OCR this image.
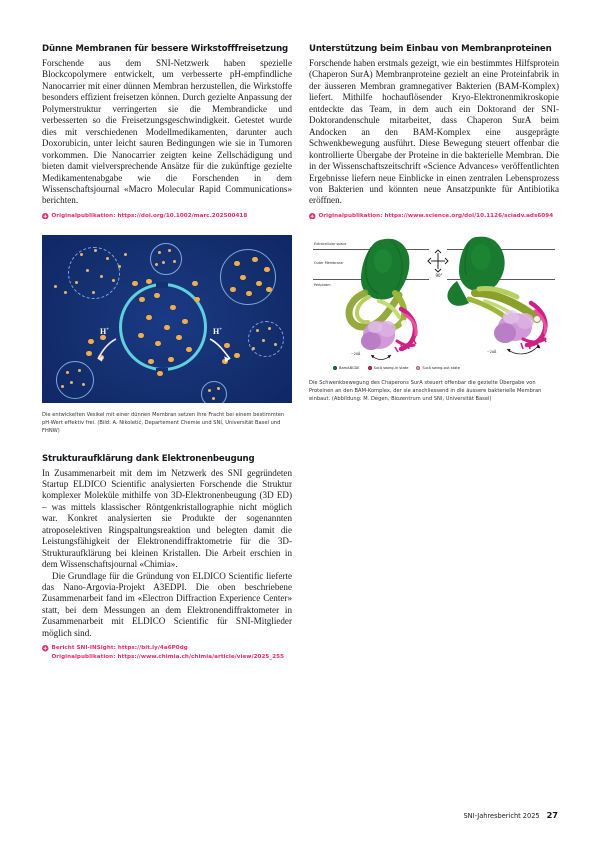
Dünne Membranen für bessere Wirkstofffreisetzung

Forschende aus dem SNI-Netzwerk haben spezielle Blockcopolymere entwickelt, um verbesserte pH-empfindliche Nanocarrier mit einer dünnen Membran herzustellen, die Wirkstoffe besonders effizient freisetzen können. Durch gezielte Anpassung der Polymerstruktur verringerten sie die Membrandicke und verbesserten so die Freisetzungsgeschwindigkeit. Getestet wurde dies mit verschiedenen Modellmedikamenten, darunter auch Doxorubicin, unter leicht sauren Bedingungen wie sie in Tumoren vorkommen. Die Nanocarrier zeigten keine Zellschädigung und bieten damit vielversprechende Ansätze für die zukünftige gezielte Medikamentenabgabe wie die Forschenden in dem Wissenschaftsjournal «Macro Molecular Rapid Communications» berichten.

Originalpublikation: https://doi.org/10.1002/marc.202500418
H+	H+
Die entwickelten Vesikel mit einer dünnen Membran setzen ihre Fracht bei einem bestimmten pH-Wert effektiv frei. (Bild: A. Nikoletić, Departement Chemie und SNI, Universität Basel und FHNW)
Strukturaufklärung dank Elektronenbeugung

In Zusammenarbeit mit dem im Netzwerk des SNI gegründeten Startup ELDICO Scientific analysierten Forschende die Struktur komplexer Moleküle mithilfe von 3D-Elektronenbeugung (3D ED) – was mittels klassischer Röntgenkristallographie nicht möglich war. Konkret analysierten sie Produkte der sogenannten atroposelektiven Ringspaltungsreaktion und belegten damit die Leistungsfähigkeit der Elektronendiffraktometrie für die 3D-Strukturaufklärung bei kleinen Kristallen. Die Arbeit erschien in dem Wissenschaftsjournal «Chimia».

Die Grundlage für die Gründung von ELDICO Scientific lieferte das Nano-Argovia-Projekt A3EDPI. Die oben beschriebene Zusammenarbeit fand im «Electron Diffraction Experience Center» statt, bei dem Messungen an dem Elektronendiffraktometer in Zusammenarbeit mit ELDICO Scientific für SNI-Mitglieder möglich sind.

Bericht SNI-INSight: https://bit.ly/4a6P0dg
Originalpublikation: https://www.chimia.ch/chimia/article/view/2025_255
Unterstützung beim Einbau von Membranproteinen

Forschende haben erstmals gezeigt, wie ein bestimmtes Hilfsprotein (Chaperon SurA) Membranproteine gezielt an eine Proteinfabrik in der äusseren Membran gramnegativer Bakterien (BAM-Komplex) liefert. Mithilfe hochauflösender Kryo-Elektronenmikroskopie entdeckte das Team, in dem auch ein Doktorand der SNI-Doktorandenschule mitarbeitet, dass Chaperon SurA beim Andocken an den BAM-Komplex eine ausgeprägte Schwenkbewegung ausführt. Diese Bewegung steuert offenbar die kontrollierte Übergabe der Proteine in die bakterielle Membran. Die in der Wissenschaftszeitschrift «Science Advances» veröffentlichten Ergebnisse liefern neue Einblicke in einen zentralen Lebensprozess von Bakterien und könnten neue Ansatzpunkte für Antibiotika eröffnen.

Originalpublikation: https://www.science.org/doi/10.1126/sciadv.ads6094
Extracellular space
Outer Membrane
Periplasm
90°
~20Å	~20Å
BamABCDE	SurA swing-in state	SurA swing-out state
Die Schwenkbewegung des Chaperons SurA steuert offenbar die gezielte Übergabe von Proteinen an den BAM-Komplex, der sie anschliessend in die äussere bakterielle Membran einbaut. (Abbildung: M. Degen, Biozentrum und SNI, Universität Basel)
SNI-Jahresbericht 2025 27
